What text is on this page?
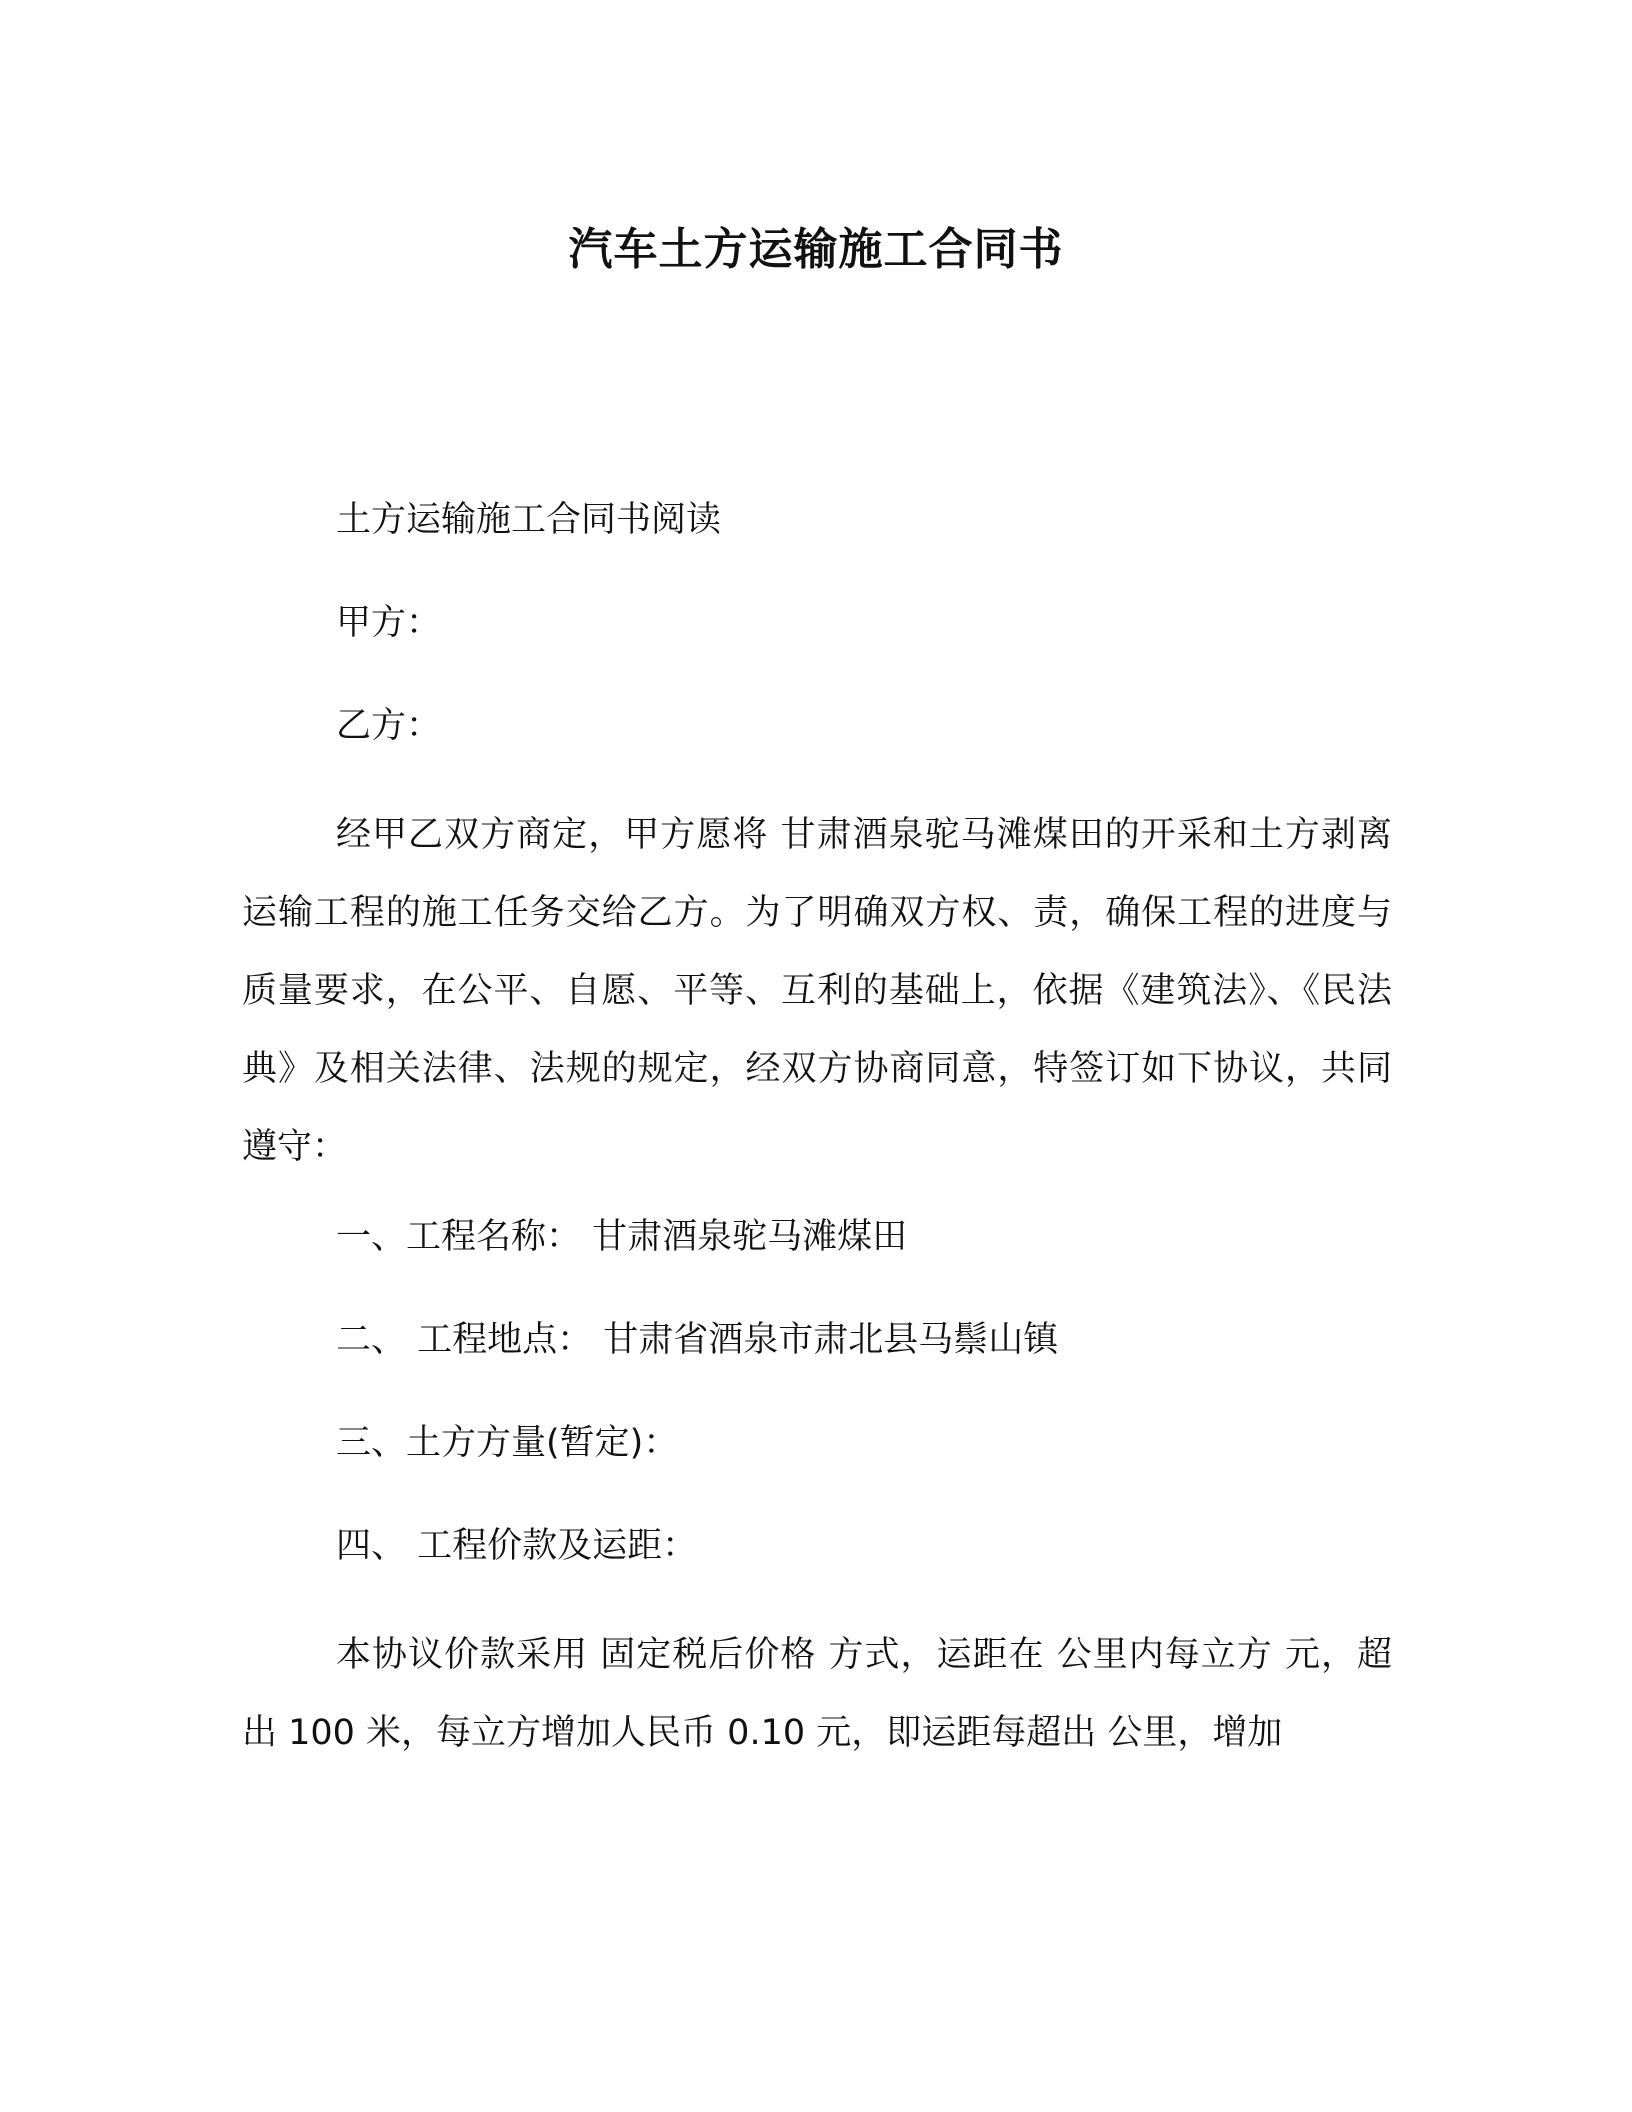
汽车土方运输施工合同书
土方运输施工合同书阅读
甲方：
乙方：
经甲乙双方商定，甲方愿将 甘肃酒泉驼马滩煤田的开采和土方剥离 运输工程的施工任务交给乙方。为了明确双方权、责，确保工程的进度与质量要求，在公平、自愿、平等、互利的基础上，依据《建筑法》、《民法典》及相关法律、法规的规定，经双方协商同意，特签订如下协议，共同遵守：
一、工程名称： 甘肃酒泉驼马滩煤田
二、 工程地点： 甘肃省酒泉市肃北县马鬃山镇
三、土方方量(暂定)：
四、 工程价款及运距：
本协议价款采用 固定税后价格 方式，运距在 公里内每立方 元，超出 100 米，每立方增加人民币 0.10 元，即运距每超出 公里，增加
